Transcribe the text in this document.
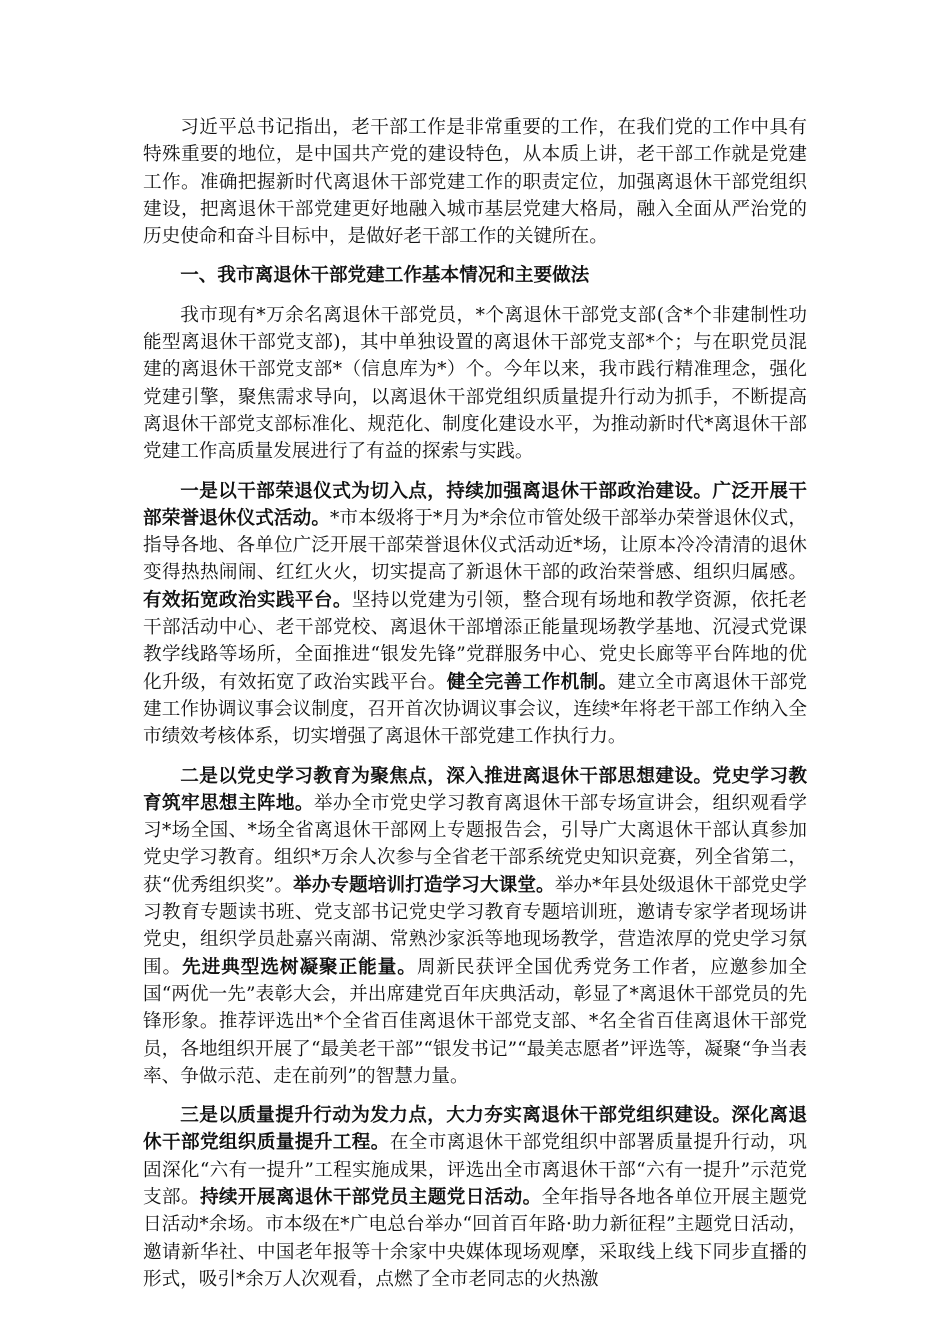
习近平总书记指出，老干部工作是非常重要的工作，在我们党的工作中具有特殊重要的地位，是中国共产党的建设特色，从本质上讲，老干部工作就是党建工作。准确把握新时代离退休干部党建工作的职责定位，加强离退休干部党组织建设，把离退休干部党建更好地融入城市基层党建大格局，融入全面从严治党的历史使命和奋斗目标中，是做好老干部工作的关键所在。

一、我市离退休干部党建工作基本情况和主要做法

我市现有*万余名离退休干部党员，*个离退休干部党支部(含*个非建制性功能型离退休干部党支部)，其中单独设置的离退休干部党支部*个；与在职党员混建的离退休干部党支部*（信息库为*）个。今年以来，我市践行精准理念，强化党建引擎，聚焦需求导向，以离退休干部党组织质量提升行动为抓手，不断提高离退休干部党支部标准化、规范化、制度化建设水平，为推动新时代*离退休干部党建工作高质量发展进行了有益的探索与实践。

一是以干部荣退仪式为切入点，持续加强离退休干部政治建设。广泛开展干部荣誉退休仪式活动。*市本级将于*月为*余位市管处级干部举办荣誉退休仪式，指导各地、各单位广泛开展干部荣誉退休仪式活动近*场，让原本冷冷清清的退休变得热热闹闹、红红火火，切实提高了新退休干部的政治荣誉感、组织归属感。有效拓宽政治实践平台。坚持以党建为引领，整合现有场地和教学资源，依托老干部活动中心、老干部党校、离退休干部增添正能量现场教学基地、沉浸式党课教学线路等场所，全面推进“银发先锋”党群服务中心、党史长廊等平台阵地的优化升级，有效拓宽了政治实践平台。健全完善工作机制。建立全市离退休干部党建工作协调议事会议制度，召开首次协调议事会议，连续*年将老干部工作纳入全市绩效考核体系，切实增强了离退休干部党建工作执行力。

二是以党史学习教育为聚焦点，深入推进离退休干部思想建设。党史学习教育筑牢思想主阵地。举办全市党史学习教育离退休干部专场宣讲会，组织观看学习*场全国、*场全省离退休干部网上专题报告会，引导广大离退休干部认真参加党史学习教育。组织*万余人次参与全省老干部系统党史知识竞赛，列全省第二，获“优秀组织奖”。举办专题培训打造学习大课堂。举办*年县处级退休干部党史学习教育专题读书班、党支部书记党史学习教育专题培训班，邀请专家学者现场讲党史，组织学员赴嘉兴南湖、常熟沙家浜等地现场教学，营造浓厚的党史学习氛围。先进典型选树凝聚正能量。周新民获评全国优秀党务工作者，应邀参加全国“两优一先”表彰大会，并出席建党百年庆典活动，彰显了*离退休干部党员的先锋形象。推荐评选出*个全省百佳离退休干部党支部、*名全省百佳离退休干部党员，各地组织开展了“最美老干部”“银发书记”“最美志愿者”评选等，凝聚“争当表率、争做示范、走在前列”的智慧力量。

三是以质量提升行动为发力点，大力夯实离退休干部党组织建设。深化离退休干部党组织质量提升工程。在全市离退休干部党组织中部署质量提升行动，巩固深化“六有一提升”工程实施成果，评选出全市离退休干部“六有一提升”示范党支部。持续开展离退休干部党员主题党日活动。全年指导各地各单位开展主题党日活动*余场。市本级在*广电总台举办“回首百年路·助力新征程”主题党日活动，邀请新华社、中国老年报等十余家中央媒体现场观摩，采取线上线下同步直播的形式，吸引*余万人次观看，点燃了全市老同志的火热激
